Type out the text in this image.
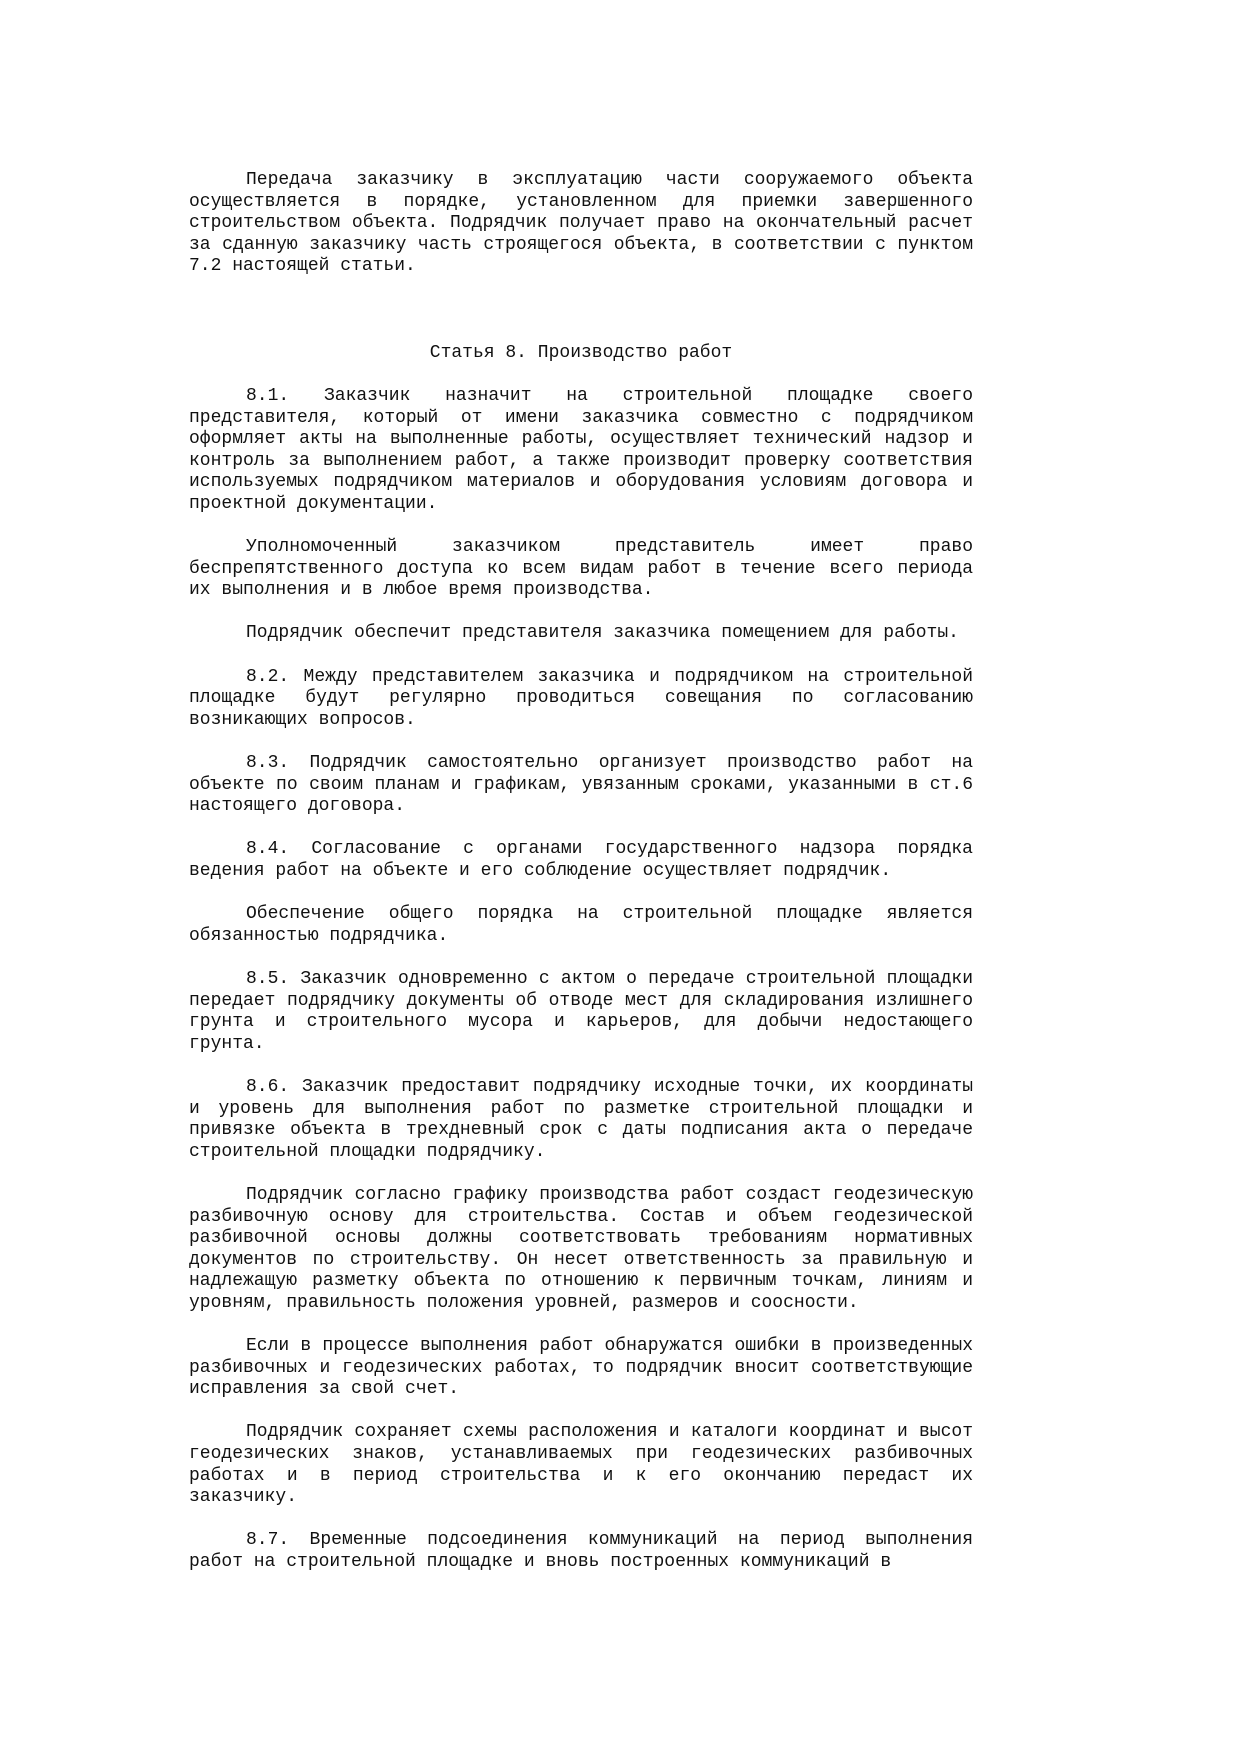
Передача заказчику в эксплуатацию части сооружаемого объекта осуществляется в порядке, установленном для приемки завершенного строительством объекта. Подрядчик получает право на окончательный расчет за сданную заказчику часть строящегося объекта, в соответствии с пунктом 7.2 настоящей статьи.

Статья 8. Производство работ

8.1. Заказчик назначит на строительной площадке своего представителя, который от имени заказчика совместно с подрядчиком оформляет акты на выполненные работы, осуществляет технический надзор и контроль за выполнением работ, а также производит проверку соответствия используемых подрядчиком материалов и оборудования условиям договора и проектной документации.

Уполномоченный заказчиком представитель имеет право беспрепятственного доступа ко всем видам работ в течение всего периода их выполнения и в любое время производства.

Подрядчик обеспечит представителя заказчика помещением для работы.

8.2. Между представителем заказчика и подрядчиком на строительной площадке будут регулярно проводиться совещания по согласованию возникающих вопросов.

8.3. Подрядчик самостоятельно организует производство работ на объекте по своим планам и графикам, увязанным сроками, указанными в ст.6 настоящего договора.

8.4. Согласование с органами государственного надзора порядка ведения работ на объекте и его соблюдение осуществляет подрядчик.

Обеспечение общего порядка на строительной площадке является обязанностью подрядчика.

8.5. Заказчик одновременно с актом о передаче строительной площадки передает подрядчику документы об отводе мест для складирования излишнего грунта и строительного мусора и карьеров, для добычи недостающего грунта.

8.6. Заказчик предоставит подрядчику исходные точки, их координаты и уровень для выполнения работ по разметке строительной площадки и привязке объекта в трехдневный срок с даты подписания акта о передаче строительной площадки подрядчику.

Подрядчик согласно графику производства работ создаст геодезическую разбивочную основу для строительства. Состав и объем геодезической разбивочной основы должны соответствовать требованиям нормативных документов по строительству. Он несет ответственность за правильную и надлежащую разметку объекта по отношению к первичным точкам, линиям и уровням, правильность положения уровней, размеров и соосности.

Если в процессе выполнения работ обнаружатся ошибки в произведенных разбивочных и геодезических работах, то подрядчик вносит соответствующие исправления за свой счет.

Подрядчик сохраняет схемы расположения и каталоги координат и высот геодезических знаков, устанавливаемых при геодезических разбивочных работах и в период строительства и к его окончанию передаст их заказчику.

8.7. Временные подсоединения коммуникаций на период выполнения работ на строительной площадке и вновь построенных коммуникаций в
